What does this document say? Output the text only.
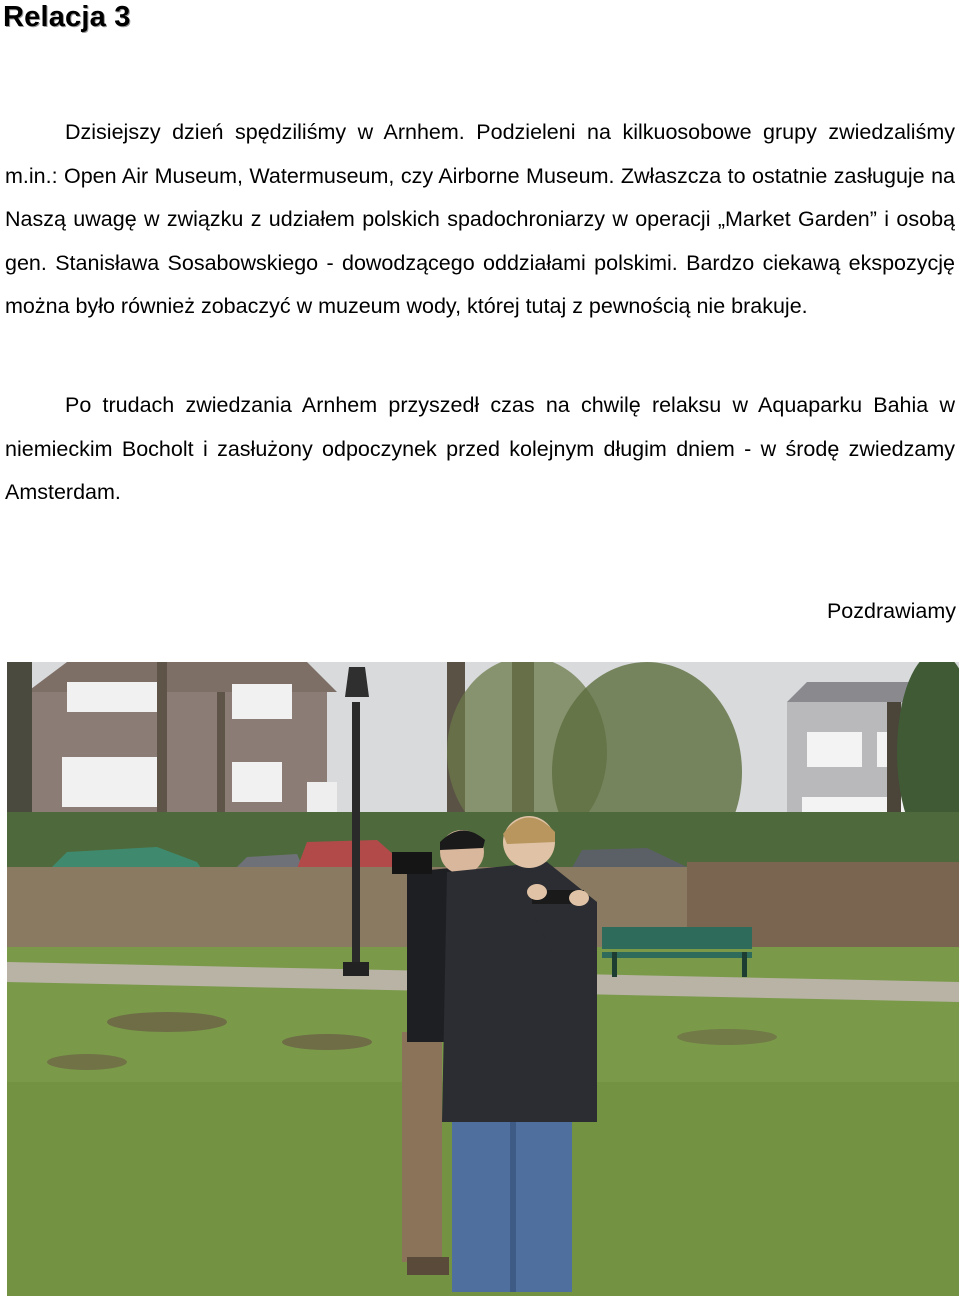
Relacja 3

Dzisiejszy dzień spędziliśmy w Arnhem. Podzieleni na kilkuosobowe grupy zwiedzaliśmy m.in.: Open Air Museum, Watermuseum, czy Airborne Museum. Zwłaszcza to ostatnie zasługuje na Naszą uwagę w związku z udziałem polskich spadochroniarzy w operacji „Market Garden” i osobą gen. Stanisława Sosabowskiego - dowodzącego oddziałami polskimi. Bardzo ciekawą ekspozycję można było również zobaczyć w muzeum wody, której tutaj z pewnością nie brakuje.

Po trudach zwiedzania Arnhem przyszedł czas na chwilę relaksu w Aquaparku Bahia w niemieckim Bocholt i zasłużony odpoczynek przed kolejnym długim dniem - w środę zwiedzamy Amsterdam.

Pozdrawiamy
